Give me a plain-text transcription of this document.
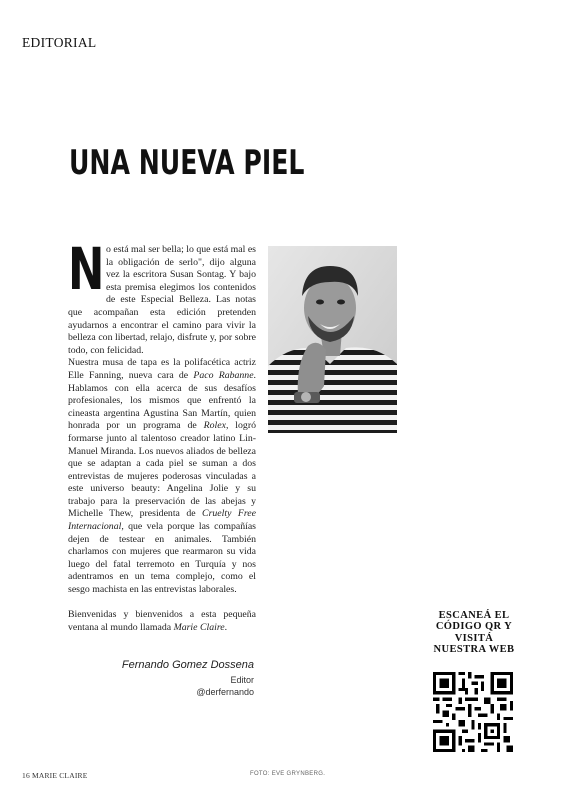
EDITORIAL
UNA NUEVA PIEL

No está mal ser bella; lo que está mal es la obligación de serlo", dijo alguna vez la escritora Susan Sontag. Y bajo esta premisa elegimos los contenidos de este Especial Belleza. Las notas que acompañan esta edición pretenden ayudarnos a encontrar el camino para vivir la belleza con libertad, relajo, disfrute y, por sobre todo, con felicidad.

Nuestra musa de tapa es la polifacética actriz Elle Fanning, nueva cara de Paco Rabanne. Hablamos con ella acerca de sus desafíos profesionales, los mismos que enfrentó la cineasta argentina Agustina San Martín, quien honrada por un programa de Rolex, logró formarse junto al talentoso creador latino Lin-Manuel Miranda. Los nuevos aliados de belleza que se adaptan a cada piel se suman a dos entrevistas de mujeres poderosas vinculadas a este universo beauty: Angelina Jolie y su trabajo para la preservación de las abejas y Michelle Thew, presidenta de Cruelty Free Internacional, que vela porque las compañías dejen de testear en animales. También charlamos con mujeres que rearmaron su vida luego del fatal terremoto en Turquía y nos adentramos en un tema complejo, como el sesgo machista en las entrevistas laborales.

Bienvenidas y bienvenidos a esta pequeña ventana al mundo llamada Marie Claire.

Fernando Gomez Dossena

Editor

@derfernando

ESCANEÁ EL CÓDIGO QR Y VISITÁ NUESTRA WEB
16 MARIE CLAIRE	FOTO: EVE GRYNBERG.
